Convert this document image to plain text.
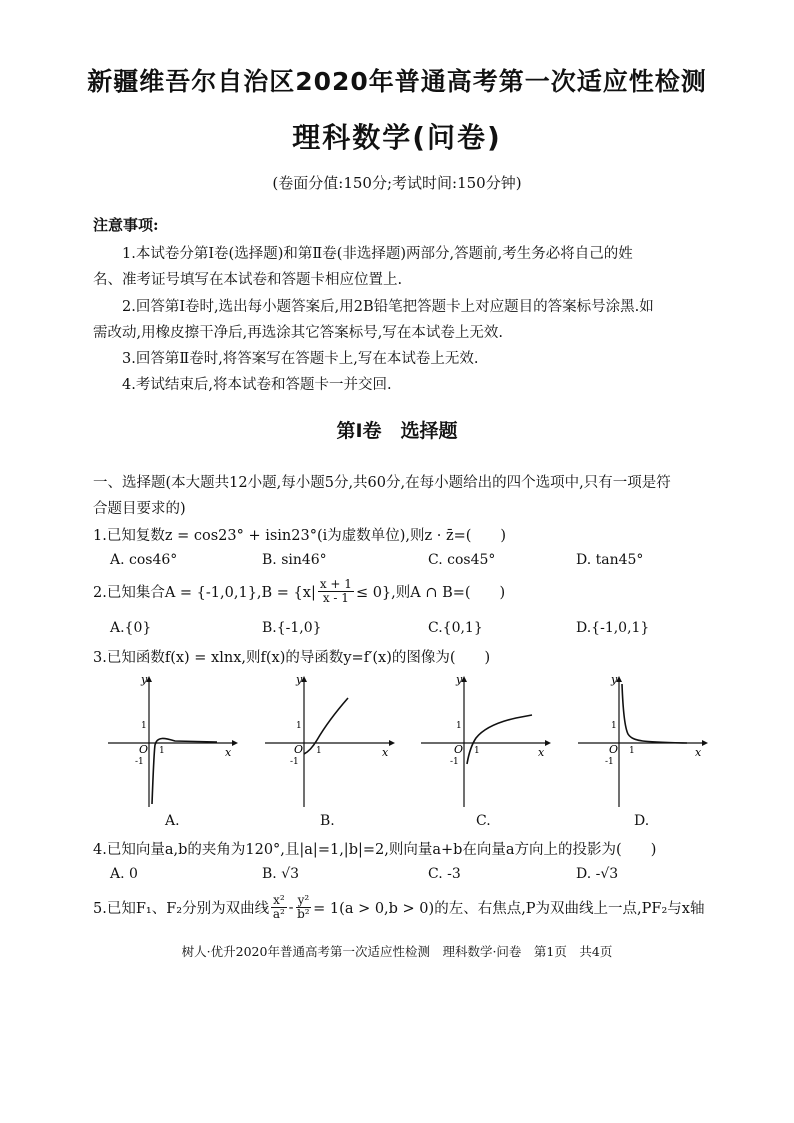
新疆维吾尔自治区2020年普通高考第一次适应性检测
理科数学(问卷)
(卷面分值:150分;考试时间:150分钟)
注意事项:
1.本试卷分第Ⅰ卷(选择题)和第Ⅱ卷(非选择题)两部分,答题前,考生务必将自己的姓
名、准考证号填写在本试卷和答题卡相应位置上.
2.回答第Ⅰ卷时,选出每小题答案后,用2B铅笔把答题卡上对应题目的答案标号涂黑.如
需改动,用橡皮擦干净后,再选涂其它答案标号,写在本试卷上无效.
3.回答第Ⅱ卷时,将答案写在答题卡上,写在本试卷上无效.
4.考试结束后,将本试卷和答题卡一并交回.
第Ⅰ卷　选择题
一、选择题(本大题共12小题,每小题5分,共60分,在每小题给出的四个选项中,只有一项是符
合题目要求的)
1.已知复数z = cos23° + isin23°(i为虚数单位),则z · z̄=(　　)
A. cos46°	B. sin46°	C. cos45°	D. tan45°
2.已知集合$A = \{-1,0,1\},B = \{x| \frac{x + 1}{x - 1} \le 0\}$,则A ∩ B=(　　)
A.{0}	B.{-1,0}	C.{0,1}	D.{-1,0,1}
3.已知函数f(x) = xlnx,则f(x)的导函数y=f′(x)的图像为(　　)
y
x
O
1
1
-1
y
x
O
1
1
-1
y
x
O
1
1
-1
y
x
O
1
1
-1
A.	B.	C.	D.
4.已知向量a,b的夹角为120°,且|a|=1,|b|=2,则向量a+b在向量a方向上的投影为(　　)
A. 0	B. √3	C. -3	D. -√3
5.已知F₁、F₂分别为双曲线 $\frac{\text{x²}}{\text{a²}} - \frac{\text{y²}}{\text{b²}} = 1(a > 0,b > 0)$的左、右焦点,P为双曲线上一点,PF₂与x轴
树人·优升2020年普通高考第一次适应性检测　理科数学·问卷　第1页　共4页
